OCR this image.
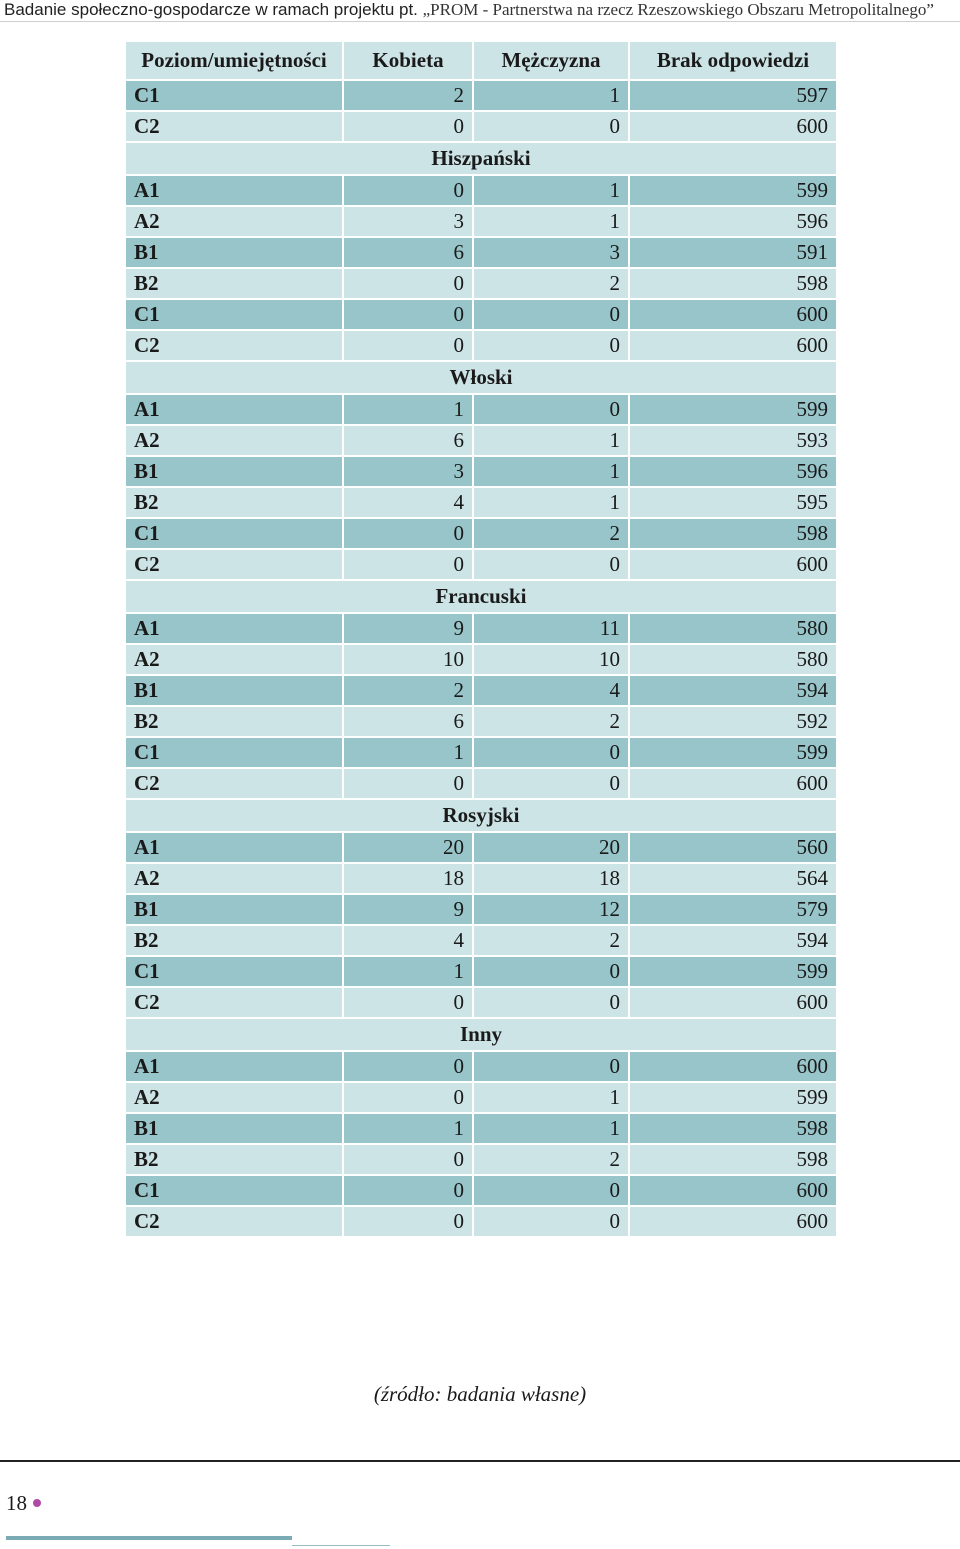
Badanie społeczno-gospodarcze w ramach projektu pt. „PROM - Partnerstwa na rzecz Rzeszowskiego Obszaru Metropolitalnego”
Poziom/umiejętności	Kobieta	Mężczyzna	Brak odpowiedzi
C1	2	1	597
C2	0	0	600
Hiszpański			
A1	0	1	599
A2	3	1	596
B1	6	3	591
B2	0	2	598
C1	0	0	600
C2	0	0	600
Włoski			
A1	1	0	599
A2	6	1	593
B1	3	1	596
B2	4	1	595
C1	0	2	598
C2	0	0	600
Francuski			
A1	9	11	580
A2	10	10	580
B1	2	4	594
B2	6	2	592
C1	1	0	599
C2	0	0	600
Rosyjski			
A1	20	20	560
A2	18	18	564
B1	9	12	579
B2	4	2	594
C1	1	0	599
C2	0	0	600
Inny			
A1	0	0	600
A2	0	1	599
B1	1	1	598
B2	0	2	598
C1	0	0	600
C2	0	0	600
(źródło: badania własne)
18
